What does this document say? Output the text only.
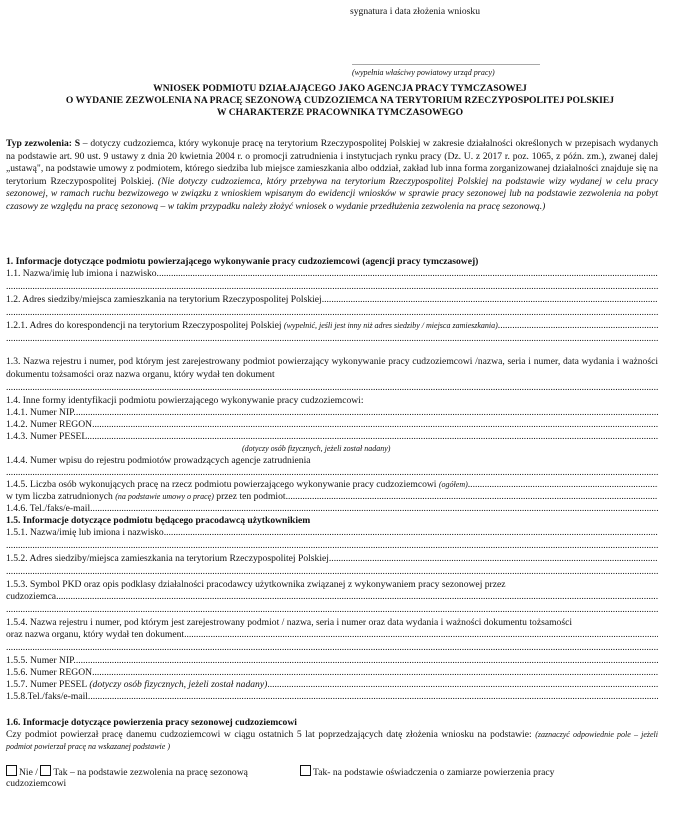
sygnatura i data złożenia wniosku
.....
(wypełnia właściwy powiatowy urząd pracy)
WNIOSEK PODMIOTU DZIAŁAJĄCEGO JAKO AGENCJA PRACY TYMCZASOWEJ
O WYDANIE ZEZWOLENIA NA PRACĘ SEZONOWĄ CUDZOZIEMCA NA TERYTORIUM RZECZYPOSPOLITEJ POLSKIEJ
W CHARAKTERZE PRACOWNIKA TYMCZASOWEGO
Typ zezwolenia: S – dotyczy cudzoziemca, który wykonuje pracę na terytorium Rzeczypospolitej Polskiej w zakresie działalności określonych w przepisach wydanych na podstawie art. 90 ust. 9 ustawy z dnia 20 kwietnia 2004 r. o promocji zatrudnienia i instytucjach rynku pracy (Dz. U. z 2017 r. poz. 1065, z późn. zm.), zwanej dalej „ustawą", na podstawie umowy z podmiotem, którego siedziba lub miejsce zamieszkania albo oddział, zakład lub inna forma zorganizowanej działalności znajduje się na terytorium Rzeczypospolitej Polskiej. (Nie dotyczy cudzoziemca, który przebywa na terytorium Rzeczypospolitej Polskiej na podstawie wizy wydanej w celu pracy sezonowej, w ramach ruchu bezwizowego w związku z wnioskiem wpisanym do ewidencji wniosków w sprawie pracy sezonowej lub na podstawie zezwolenia na pobyt czasowy ze względu na pracę sezonową – w takim przypadku należy złożyć wniosek o wydanie przedłużenia zezwolenia na pracę sezonową.)
1. Informacje dotyczące podmiotu powierzającego wykonywanie pracy cudzoziemcowi (agencji pracy tymczasowej)
1.1. Nazwa/imię lub imiona i nazwisko .....
.....
1.2. Adres siedziby/miejsca zamieszkania na terytorium Rzeczypospolitej Polskiej .....
.....
1.2.1. Adres do korespondencji na terytorium Rzeczypospolitej Polskiej (wypełnić, jeśli jest inny niż adres siedziby / miejsca zamieszkania) .....
.....
1.3. Nazwa rejestru i numer, pod którym jest zarejestrowany podmiot powierzający wykonywanie pracy cudzoziemcowi /nazwa, seria i numer, data wydania i ważności dokumentu tożsamości oraz nazwa organu, który wydał ten dokument
.....
1.4. Inne formy identyfikacji podmiotu powierzającego wykonywanie pracy cudzoziemcowi:
1.4.1. Numer NIP .....
1.4.2. Numer REGON .....
1.4.3. Numer PESEL .....
(dotyczy osób fizycznych, jeżeli został nadany)
1.4.4. Numer wpisu do rejestru podmiotów prowadzących agencje zatrudnienia
.....
1.4.5. Liczba osób wykonujących pracę na rzecz podmiotu powierzającego wykonywanie pracy cudzoziemcowi (ogółem) .....
w tym liczba zatrudnionych (na podstawie umowy o pracę) przez ten podmiot .....
1.4.6. Tel./faks/e-mail .....
1.5. Informacje dotyczące podmiotu będącego pracodawcą użytkownikiem
1.5.1. Nazwa/imię lub imiona i nazwisko .....
.....
1.5.2. Adres siedziby/miejsca zamieszkania na terytorium Rzeczypospolitej Polskiej .....
.....
1.5.3. Symbol PKD oraz opis podklasy działalności pracodawcy użytkownika związanej z wykonywaniem pracy sezonowej przez
cudzoziemca .....
.....
1.5.4. Nazwa rejestru i numer, pod którym jest zarejestrowany podmiot / nazwa, seria i numer oraz data wydania i ważności dokumentu tożsamości
oraz nazwa organu, który wydał ten dokument .....
.....
1.5.5. Numer NIP .....
1.5.6. Numer REGON .....
1.5.7. Numer PESEL (dotyczy osób fizycznych, jeżeli został nadany) .....
1.5.8.Tel./faks/e-mail .....
1.6. Informacje dotyczące powierzenia pracy sezonowej cudzoziemcowi
Czy podmiot powierzał pracę danemu cudzoziemcowi w ciągu ostatnich 5 lat poprzedzających datę złożenia wniosku na podstawie: (zaznaczyć odpowiednie pole – jeżeli podmiot powierzał pracę na wskazanej podstawie )
Nie / Tak – na podstawie zezwolenia na pracę sezonową	Tak- na podstawie oświadczenia o zamiarze powierzenia pracy
cudzoziemcowi
